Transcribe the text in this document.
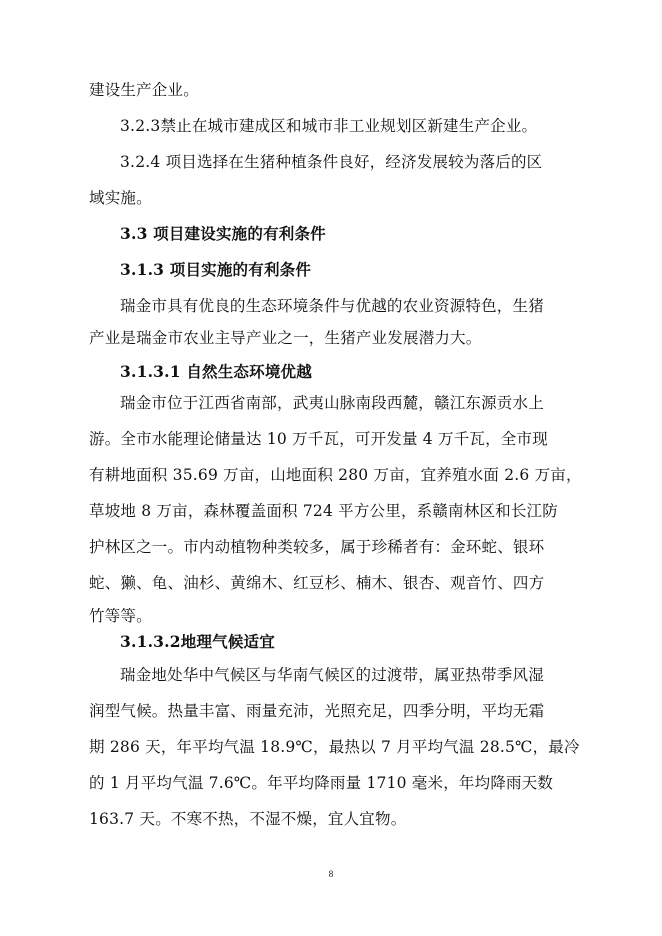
建设生产企业。
3.2.3禁止在城市建成区和城市非工业规划区新建生产企业。
3.2.4 项目选择在生猪种植条件良好，经济发展较为落后的区
域实施。
3.3 项目建设实施的有利条件
3.1.3 项目实施的有利条件
瑞金市具有优良的生态环境条件与优越的农业资源特色，生猪
产业是瑞金市农业主导产业之一，生猪产业发展潜力大。
3.1.3.1 自然生态环境优越
瑞金市位于江西省南部，武夷山脉南段西麓，赣江东源贡水上
游。全市水能理论储量达 10 万千瓦，可开发量 4 万千瓦，全市现
有耕地面积 35.69 万亩，山地面积 280 万亩，宜养殖水面 2.6 万亩，
草坡地 8 万亩，森林覆盖面积 724 平方公里，系赣南林区和长江防
护林区之一。市内动植物种类较多，属于珍稀者有：金环蛇、银环
蛇、獭、龟、油杉、黄绵木、红豆杉、楠木、银杏、观音竹、四方
竹等等。
3.1.3.2地理气候适宜
瑞金地处华中气候区与华南气候区的过渡带，属亚热带季风湿
润型气候。热量丰富、雨量充沛，光照充足，四季分明，平均无霜
期 286 天，年平均气温 18.9℃，最热以 7 月平均气温 28.5℃，最冷
的 1 月平均气温 7.6℃。年平均降雨量 1710 毫米，年均降雨天数
163.7 天。不寒不热，不湿不燥，宜人宜物。
8
